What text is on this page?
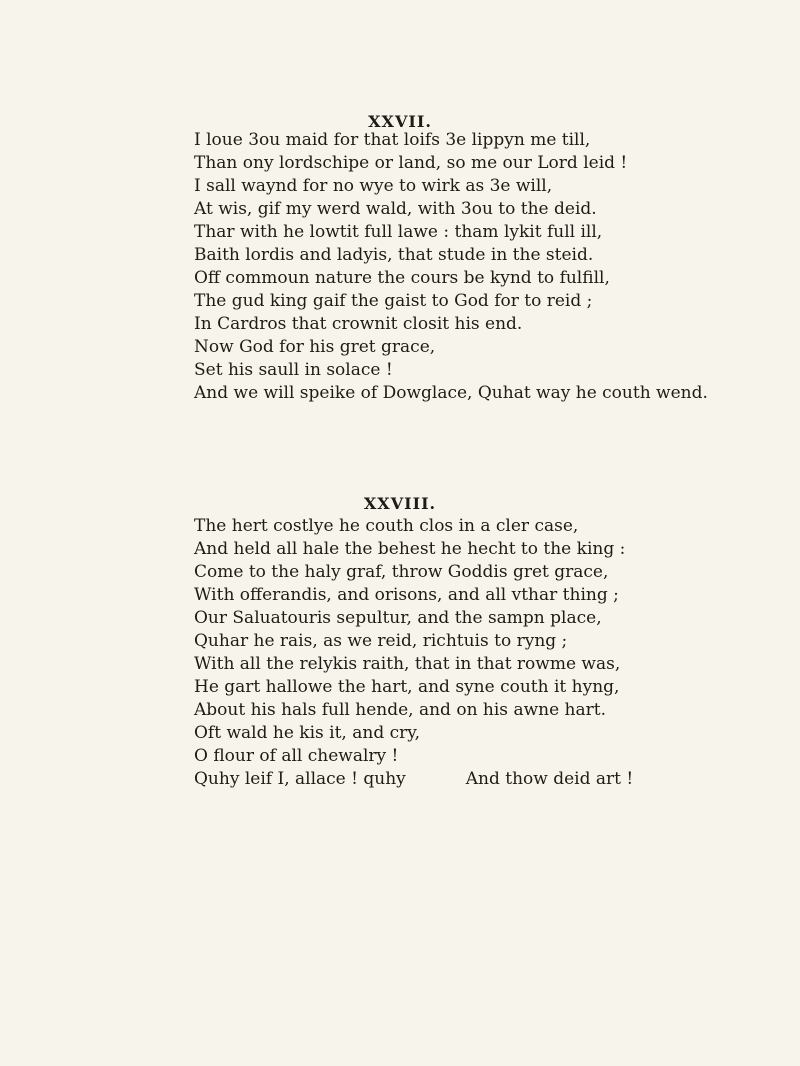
XXVII.
I loue 3ou maid for that loifs 3e lippyn me till,
Than ony lordschipe or land, so me our Lord leid !
I sall waynd for no wye to wirk as 3e will,
At wis, gif my werd wald, with 3ou to the deid.
Thar with he lowtit full lawe : tham lykit full ill,
Baith lordis and ladyis, that stude in the steid.
Off commoun nature the cours be kynd to fulfill,
The gud king gaif the gaist to God for to reid ;
In Cardros that crownit closit his end.
Now God for his gret grace,
Set his saull in solace !
And we will speike of Dowglace, Quhat way he couth wend.
XXVIII.
The hert costlye he couth clos in a cler case,
And held all hale the behest he hecht to the king :
Come to the haly graf, throw Goddis gret grace,
With offerandis, and orisons, and all vthar thing ;
Our Saluatouris sepultur, and the sampn place,
Quhar he rais, as we reid, richtuis to ryng ;
With all the relykis raith, that in that rowme was,
He gart hallowe the hart, and syne couth it hyng,
About his hals full hende, and on his awne hart.
Oft wald he kis it, and cry,
O flour of all chewalry !
Quhy leif I, allace ! quhy	And thow deid art !
